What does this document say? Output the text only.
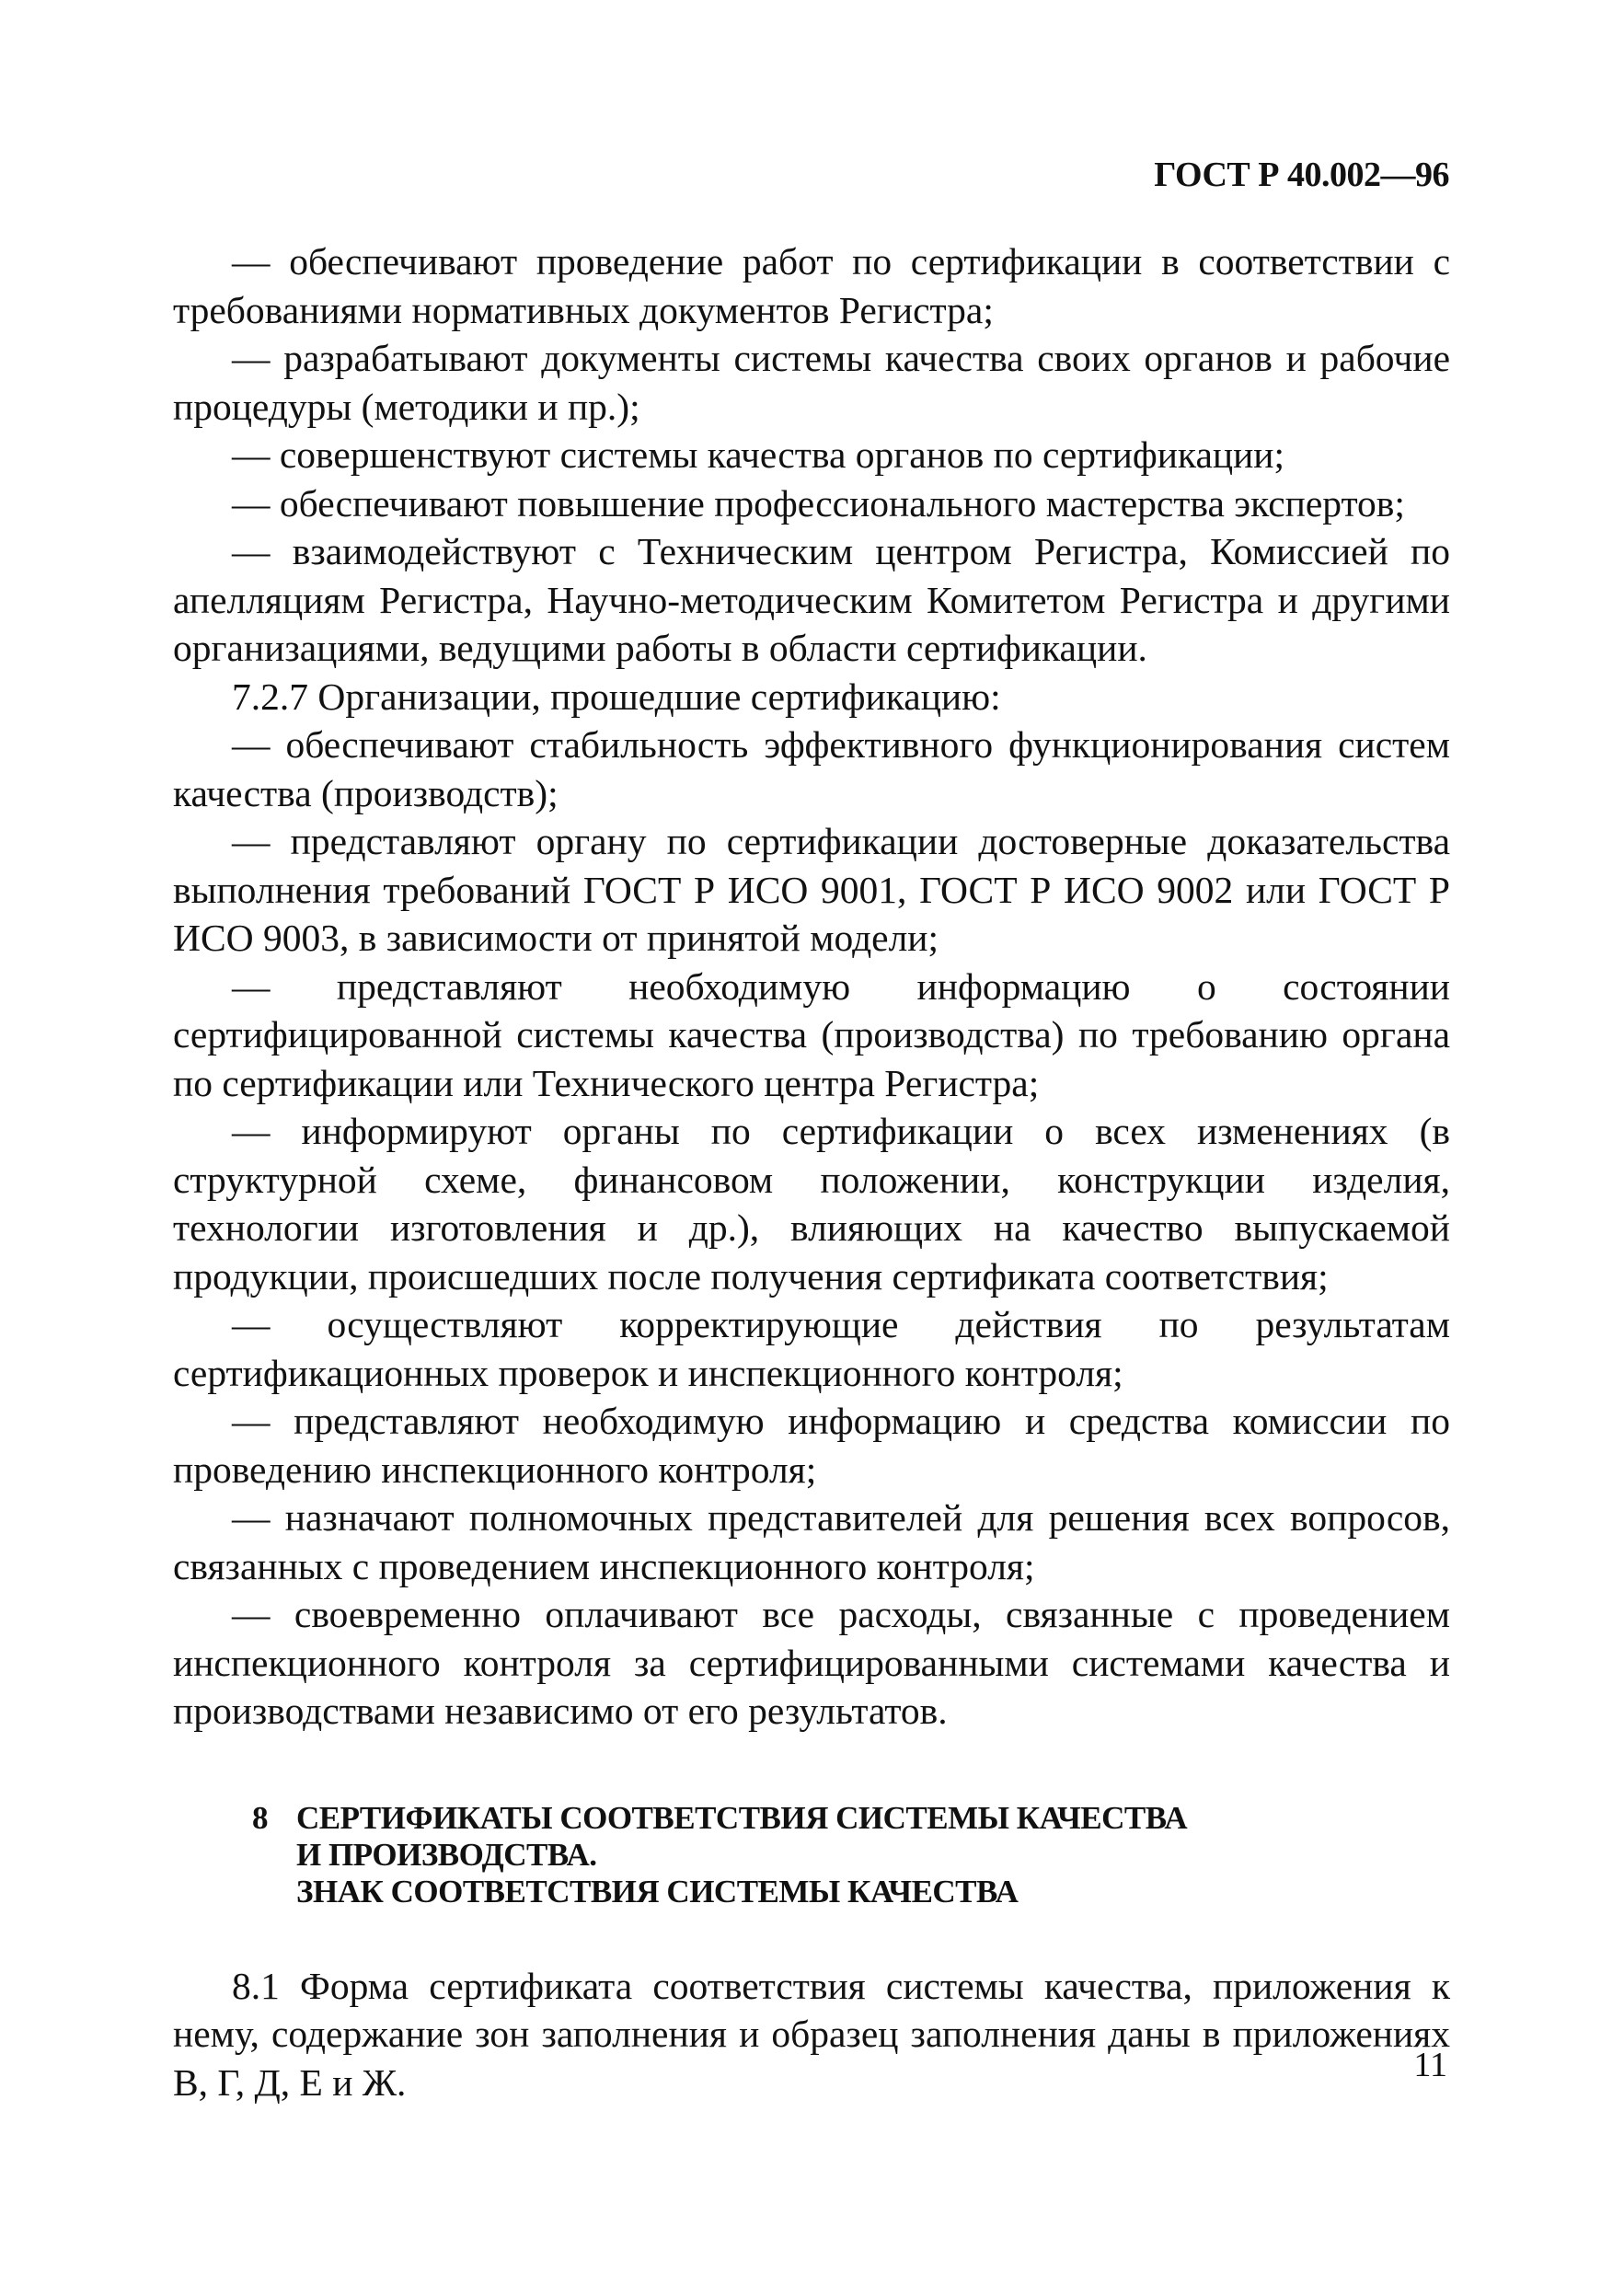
ГОСТ Р 40.002—96

— обеспечивают проведение работ по сертификации в соответствии с требованиями нормативных документов Регистра;

— разрабатывают документы системы качества своих органов и рабочие процедуры (методики и пр.);

— совершенствуют системы качества органов по сертификации;

— обеспечивают повышение профессионального мастерства экспертов;

— взаимодействуют с Техническим центром Регистра, Комиссией по апелляциям Регистра, Научно-методическим Комитетом Регистра и другими организациями, ведущими работы в области сертификации.

7.2.7 Организации, прошедшие сертификацию:

— обеспечивают стабильность эффективного функционирования систем качества (производств);

— представляют органу по сертификации достоверные доказательства выполнения требований ГОСТ Р ИСО 9001, ГОСТ Р ИСО 9002 или ГОСТ Р ИСО 9003, в зависимости от принятой модели;

— представляют необходимую информацию о состоянии сертифицированной системы качества (производства) по требованию органа по сертификации или Технического центра Регистра;

— информируют органы по сертификации о всех изменениях (в структурной схеме, финансовом положении, конструкции изделия, технологии изготовления и др.), влияющих на качество выпускаемой продукции, происшедших после получения сертификата соответствия;

— осуществляют корректирующие действия по результатам сертификационных проверок и инспекционного контроля;

— представляют необходимую информацию и средства комиссии по проведению инспекционного контроля;

— назначают полномочных представителей для решения всех вопросов, связанных с проведением инспекционного контроля;

— своевременно оплачивают все расходы, связанные с проведением инспекционного контроля за сертифицированными системами качества и производствами независимо от его результатов.

8 СЕРТИФИКАТЫ СООТВЕТСТВИЯ СИСТЕМЫ КАЧЕСТВА
И ПРОИЗВОДСТВА.
ЗНАК СООТВЕТСТВИЯ СИСТЕМЫ КАЧЕСТВА

8.1 Форма сертификата соответствия системы качества, приложения к нему, содержание зон заполнения и образец заполнения даны в приложениях В, Г, Д, Е и Ж.	11
